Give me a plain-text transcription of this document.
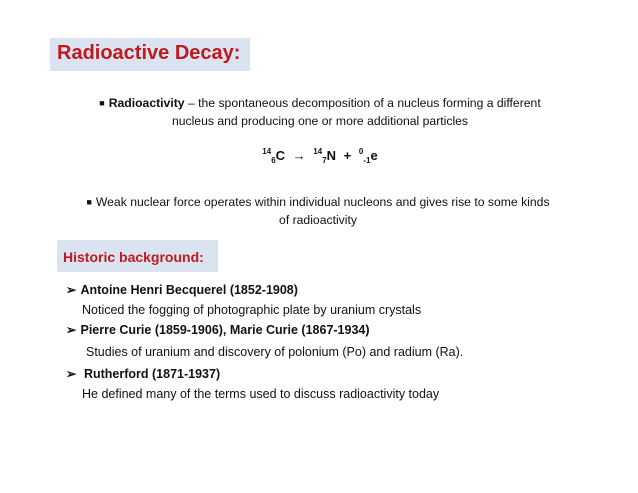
Radioactive Decay:
■ Radioactivity – the spontaneous decomposition of a nucleus forming a different
nucleus and producing one or more additional particles
$^{14}_6$C → $^{14}_7$N + $^0_{-1}$e
■ Weak nuclear force operates within individual nucleons and gives rise to some kinds
of radioactivity
Historic background:
➢ Antoine Henri Becquerel (1852-1908)
Noticed the fogging of photographic plate by uranium crystals
➢ Pierre Curie (1859-1906), Marie Curie (1867-1934)
Studies of uranium and discovery of polonium (Po) and radium (Ra).
➢ Rutherford (1871-1937)
He defined many of the terms used to discuss radioactivity today
